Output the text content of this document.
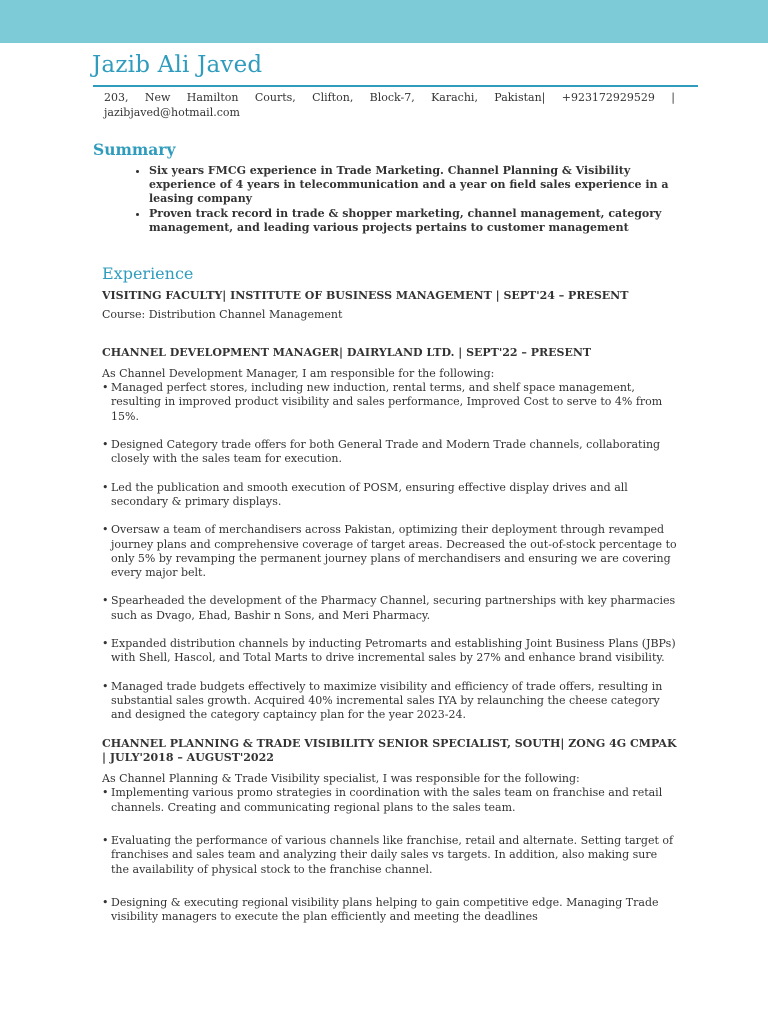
Jazib Ali Javed
203, New Hamilton Courts, Clifton, Block-7, Karachi, Pakistan| +923172929529 | jazibjaved@hotmail.com
Summary
• Six years FMCG experience in Trade Marketing. Channel Planning & Visibility experience of 4 years in telecommunication and a year on field sales experience in a leasing company
• Proven track record in trade & shopper marketing, channel management, category management, and leading various projects pertains to customer management
Experience

VISITING FACULTY| INSTITUTE OF BUSINESS MANAGEMENT | SEPT'24 – PRESENT

Course: Distribution Channel Management

CHANNEL DEVELOPMENT MANAGER| DAIRYLAND LTD. | SEPT'22 – PRESENT

As Channel Development Manager, I am responsible for the following:

• Managed perfect stores, including new induction, rental terms, and shelf space management, resulting in improved product visibility and sales performance, Improved Cost to serve to 4% from 15%.
• Designed Category trade offers for both General Trade and Modern Trade channels, collaborating closely with the sales team for execution.
• Led the publication and smooth execution of POSM, ensuring effective display drives and all secondary & primary displays.
• Oversaw a team of merchandisers across Pakistan, optimizing their deployment through revamped journey plans and comprehensive coverage of target areas. Decreased the out-of-stock percentage to only 5% by revamping the permanent journey plans of merchandisers and ensuring we are covering every major belt.
• Spearheaded the development of the Pharmacy Channel, securing partnerships with key pharmacies such as Dvago, Ehad, Bashir n Sons, and Meri Pharmacy.
• Expanded distribution channels by inducting Petromarts and establishing Joint Business Plans (JBPs) with Shell, Hascol, and Total Marts to drive incremental sales by 27% and enhance brand visibility.
• Managed trade budgets effectively to maximize visibility and efficiency of trade offers, resulting in substantial sales growth. Acquired 40% incremental sales IYA by relaunching the cheese category and designed the category captaincy plan for the year 2023-24.

CHANNEL PLANNING & TRADE VISIBILITY SENIOR SPECIALIST, SOUTH| ZONG 4G CMPAK | JULY'2018 – AUGUST'2022

As Channel Planning & Trade Visibility specialist, I was responsible for the following:

• Implementing various promo strategies in coordination with the sales team on franchise and retail channels. Creating and communicating regional plans to the sales team.
• Evaluating the performance of various channels like franchise, retail and alternate. Setting target of franchises and sales team and analyzing their daily sales vs targets. In addition, also making sure the availability of physical stock to the franchise channel.
• Designing & executing regional visibility plans helping to gain competitive edge. Managing Trade visibility managers to execute the plan efficiently and meeting the deadlines
